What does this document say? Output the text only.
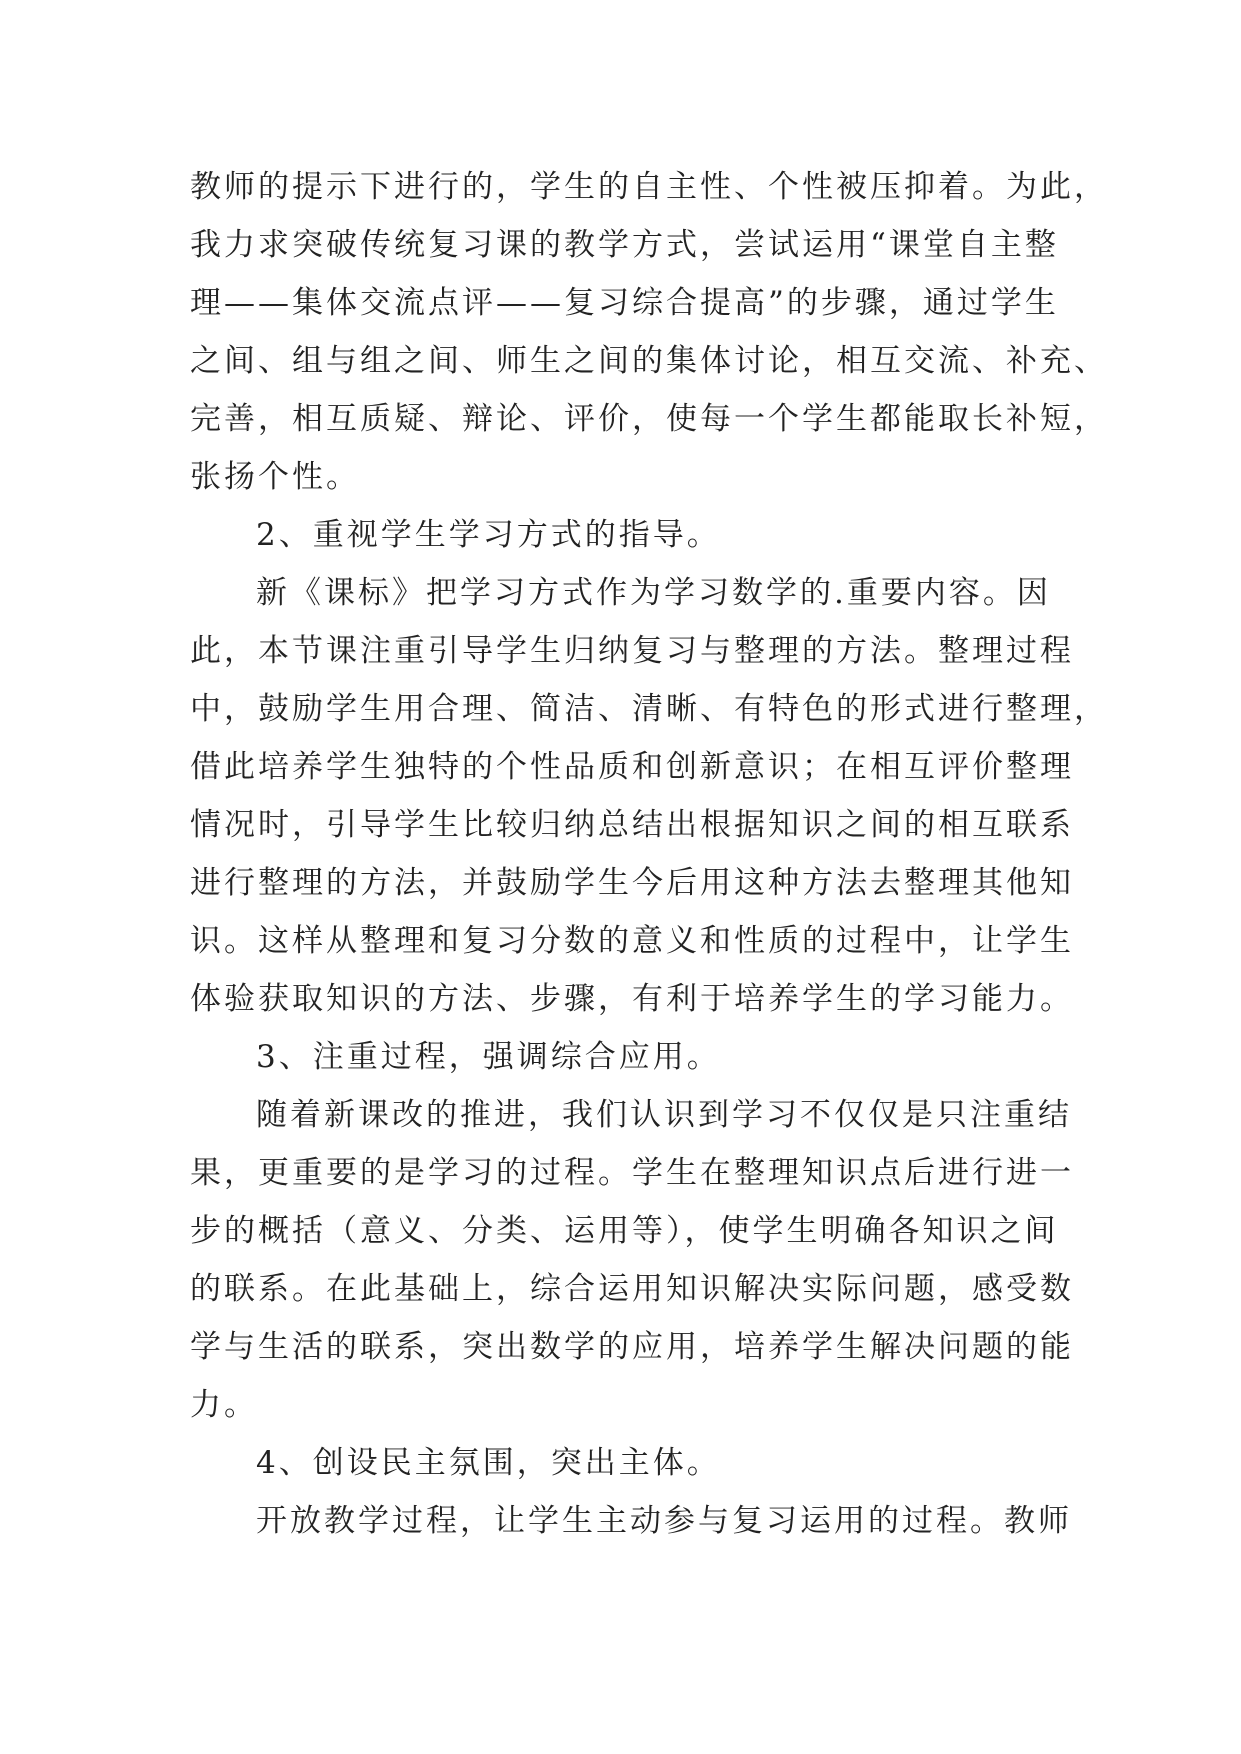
教师的提示下进行的，学生的自主性、个性被压抑着。为此，
我力求突破传统复习课的教学方式，尝试运用“课堂自主整
理——集体交流点评——复习综合提高”的步骤，通过学生
之间、组与组之间、师生之间的集体讨论，相互交流、补充、
完善，相互质疑、辩论、评价，使每一个学生都能取长补短，
张扬个性。
2、重视学生学习方式的指导。
新《课标》把学习方式作为学习数学的.重要内容。因
此，本节课注重引导学生归纳复习与整理的方法。整理过程
中，鼓励学生用合理、简洁、清晰、有特色的形式进行整理，
借此培养学生独特的个性品质和创新意识；在相互评价整理
情况时，引导学生比较归纳总结出根据知识之间的相互联系
进行整理的方法，并鼓励学生今后用这种方法去整理其他知
识。这样从整理和复习分数的意义和性质的过程中，让学生
体验获取知识的方法、步骤，有利于培养学生的学习能力。
3、注重过程，强调综合应用。
随着新课改的推进，我们认识到学习不仅仅是只注重结
果，更重要的是学习的过程。学生在整理知识点后进行进一
步的概括（意义、分类、运用等），使学生明确各知识之间
的联系。在此基础上，综合运用知识解决实际问题，感受数
学与生活的联系，突出数学的应用，培养学生解决问题的能
力。
4、创设民主氛围，突出主体。
开放教学过程，让学生主动参与复习运用的过程。教师
